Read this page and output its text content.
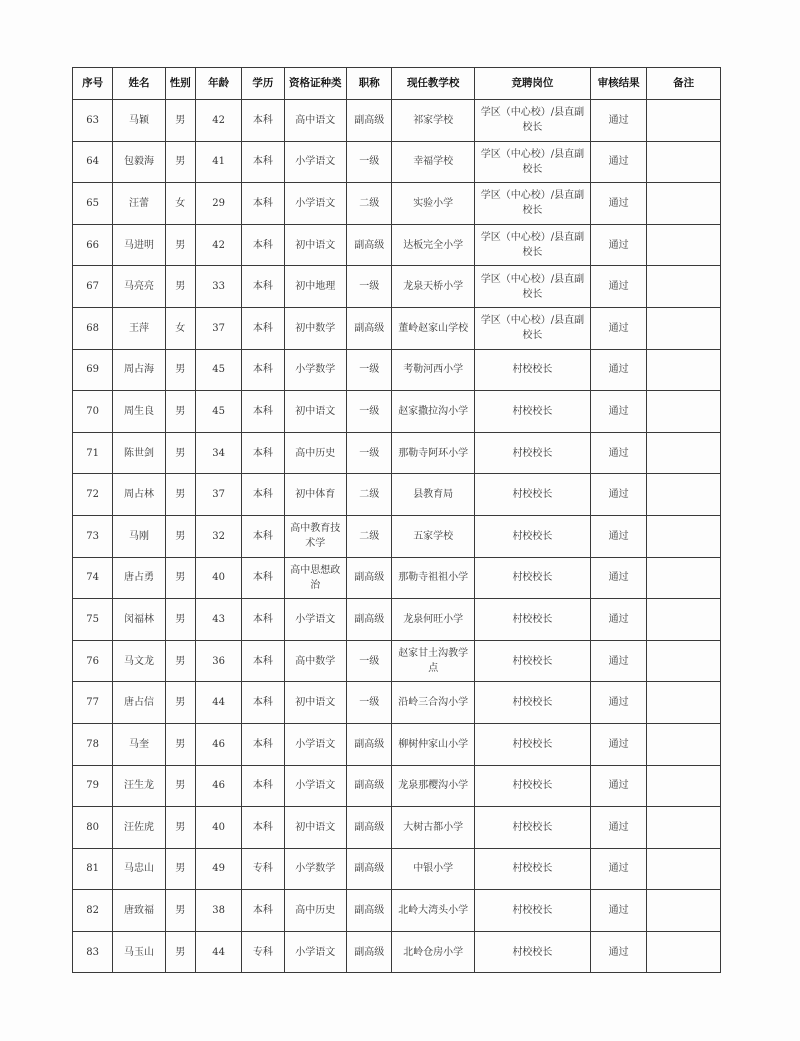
序号	姓名	性别	年龄	学历	资格证种类	职称	现任教学校	竞聘岗位	审核结果	备注
63	马颖	男	42	本科	高中语文	副高级	祁家学校	学区（中心校）/县直副校长	通过	
64	包毅海	男	41	本科	小学语文	一级	幸福学校	学区（中心校）/县直副校长	通过	
65	汪蕾	女	29	本科	小学语文	二级	实验小学	学区（中心校）/县直副校长	通过	
66	马进明	男	42	本科	初中语文	副高级	达板完全小学	学区（中心校）/县直副校长	通过	
67	马亮亮	男	33	本科	初中地理	一级	龙泉天桥小学	学区（中心校）/县直副校长	通过	
68	王萍	女	37	本科	初中数学	副高级	董岭赵家山学校	学区（中心校）/县直副校长	通过	
69	周占海	男	45	本科	小学数学	一级	考勒河西小学	村校校长	通过	
70	周生良	男	45	本科	初中语文	一级	赵家撒拉沟小学	村校校长	通过	
71	陈世剑	男	34	本科	高中历史	一级	那勒寺阿环小学	村校校长	通过	
72	周占林	男	37	本科	初中体育	二级	县教育局	村校校长	通过	
73	马刚	男	32	本科	高中教育技术学	二级	五家学校	村校校长	通过	
74	唐占勇	男	40	本科	高中思想政治	副高级	那勒寺祖祖小学	村校校长	通过	
75	闵福林	男	43	本科	小学语文	副高级	龙泉何旺小学	村校校长	通过	
76	马文龙	男	36	本科	高中数学	一级	赵家甘土沟教学点	村校校长	通过	
77	唐占信	男	44	本科	初中语文	一级	沿岭三合沟小学	村校校长	通过	
78	马奎	男	46	本科	小学语文	副高级	柳树仲家山小学	村校校长	通过	
79	汪生龙	男	46	本科	小学语文	副高级	龙泉那樱沟小学	村校校长	通过	
80	汪佐虎	男	40	本科	初中语文	副高级	大树古都小学	村校校长	通过	
81	马忠山	男	49	专科	小学数学	副高级	中银小学	村校校长	通过	
82	唐致福	男	38	本科	高中历史	副高级	北岭大湾头小学	村校校长	通过	
83	马玉山	男	44	专科	小学语文	副高级	北岭仓房小学	村校校长	通过	
